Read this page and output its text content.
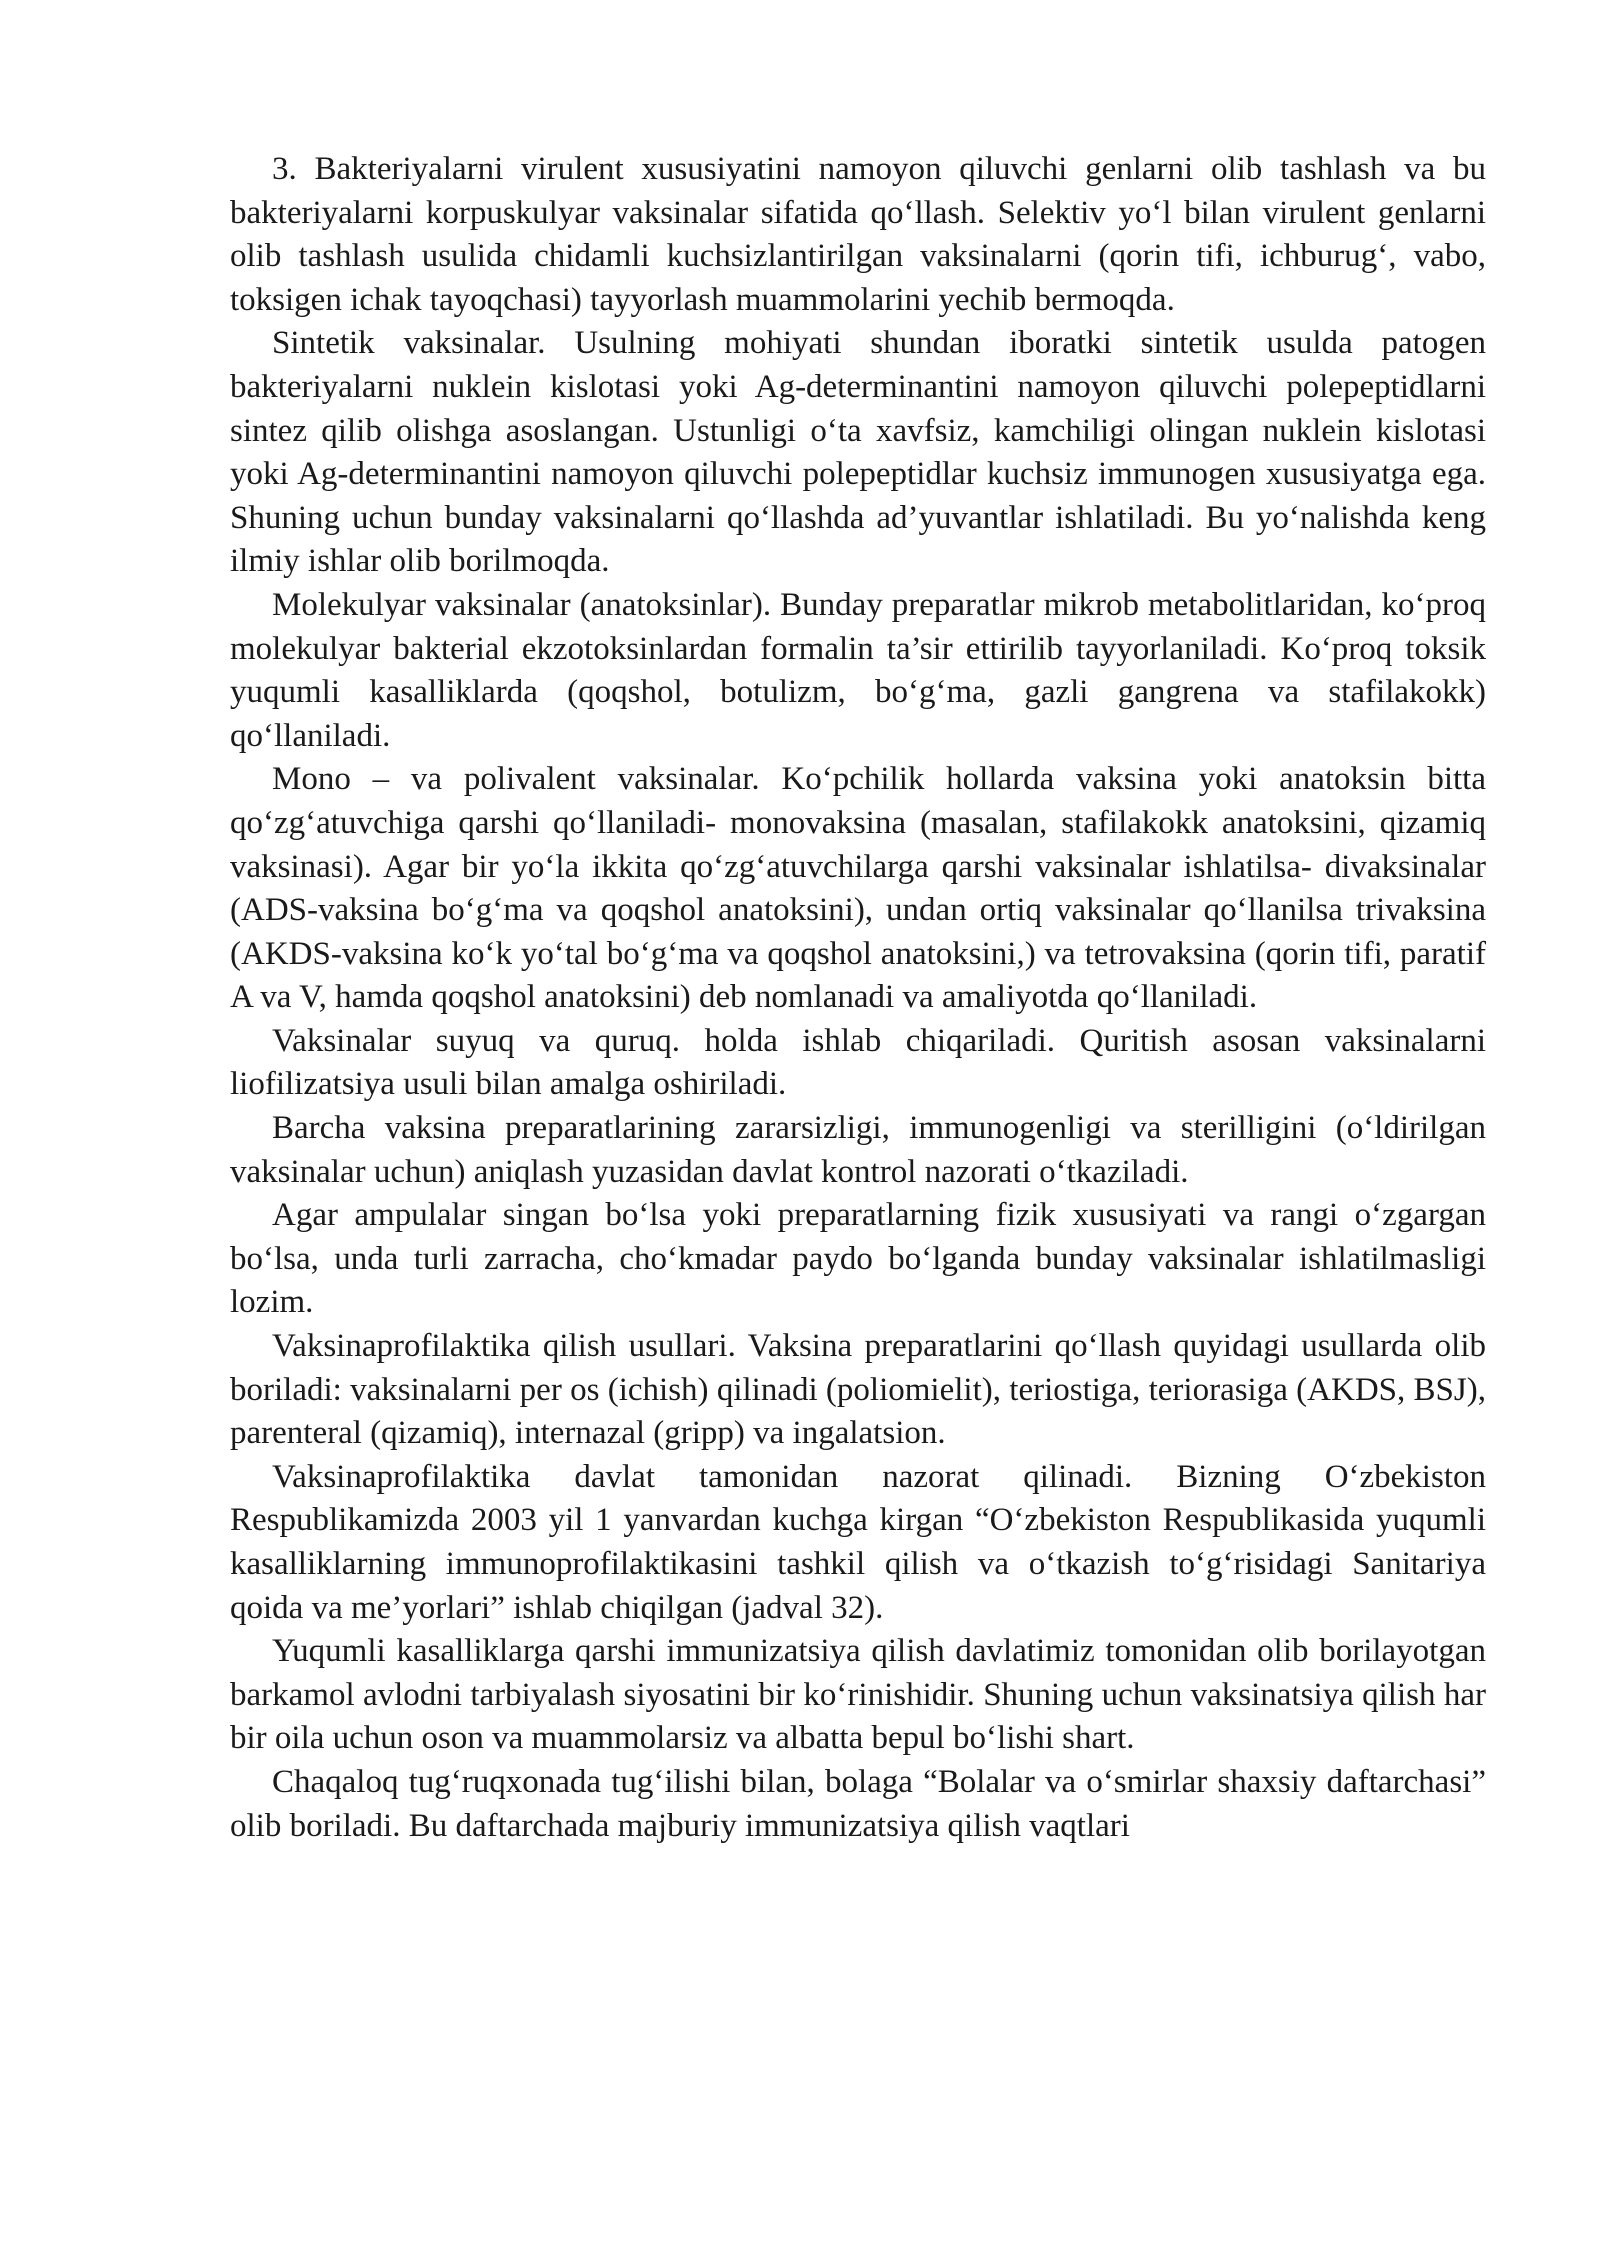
3. Bakteriyalarni virulent xususiyatini namoyon qiluvchi genlarni olib tashlash va bu bakteriyalarni korpuskulyar vaksinalar sifatida qo‘llash. Selektiv yo‘l bilan virulent genlarni olib tashlash usulida chidamli kuchsizlantirilgan vaksinalarni (qorin tifi, ichburug‘, vabo, toksigen ichak tayoqchasi) tayyorlash muammolarini yechib bermoqda.

Sintetik vaksinalar. Usulning mohiyati shundan iboratki sintetik usulda patogen bakteriyalarni nuklein kislotasi yoki Ag-determinantini namoyon qiluvchi polepeptidlarni sintez qilib olishga asoslangan. Ustunligi o‘ta xavfsiz, kamchiligi olingan nuklein kislotasi yoki Ag-determinantini namoyon qiluvchi polepeptidlar kuchsiz immunogen xususiyatga ega. Shuning uchun bunday vaksinalarni qo‘llashda ad’yuvantlar ishlatiladi. Bu yo‘nalishda keng ilmiy ishlar olib borilmoqda.

Molekulyar vaksinalar (anatoksinlar). Bunday preparatlar mikrob metabolitlaridan, ko‘proq molekulyar bakterial ekzotoksinlardan formalin ta’sir ettirilib tayyorlaniladi. Ko‘proq toksik yuqumli kasalliklarda (qoqshol, botulizm, bo‘g‘ma, gazli gangrena va stafilakokk) qo‘llaniladi.

Mono – va polivalent vaksinalar. Ko‘pchilik hollarda vaksina yoki anatoksin bitta qo‘zg‘atuvchiga qarshi qo‘llaniladi- monovaksina (masalan, stafilakokk anatoksini, qizamiq vaksinasi). Agar bir yo‘la ikkita qo‘zg‘atuvchilarga qarshi vaksinalar ishlatilsa- divaksinalar (ADS-vaksina bo‘g‘ma va qoqshol anatoksini), undan ortiq vaksinalar qo‘llanilsa trivaksina (AKDS-vaksina ko‘k yo‘tal bo‘g‘ma va qoqshol anatoksini,) va tetrovaksina (qorin tifi, paratif A va V, hamda qoqshol anatoksini) deb nomlanadi va amaliyotda qo‘llaniladi.

Vaksinalar suyuq va quruq. holda ishlab chiqariladi. Quritish asosan vaksinalarni liofilizatsiya usuli bilan amalga oshiriladi.

Barcha vaksina preparatlarining zararsizligi, immunogenligi va sterilligini (o‘ldirilgan vaksinalar uchun) aniqlash yuzasidan davlat kontrol nazorati o‘tkaziladi.

Agar ampulalar singan bo‘lsa yoki preparatlarning fizik xususiyati va rangi o‘zgargan bo‘lsa, unda turli zarracha, cho‘kmadar paydo bo‘lganda bunday vaksinalar ishlatilmasligi lozim.

Vaksinaprofilaktika qilish usullari. Vaksina preparatlarini qo‘llash quyidagi usullarda olib boriladi: vaksinalarni per os (ichish) qilinadi (poliomielit), teriostiga, teriorasiga (AKDS, BSJ), parenteral (qizamiq), internazal (gripp) va ingalatsion.

Vaksinaprofilaktika davlat tamonidan nazorat qilinadi. Bizning O‘zbekiston Respublikamizda 2003 yil 1 yanvardan kuchga kirgan “O‘zbekiston Respublikasida yuqumli kasalliklarning immunoprofilaktikasini tashkil qilish va o‘tkazish to‘g‘risidagi Sanitariya qoida va me’yorlari” ishlab chiqilgan (jadval 32).

Yuqumli kasalliklarga qarshi immunizatsiya qilish davlatimiz tomonidan olib borilayotgan barkamol avlodni tarbiyalash siyosatini bir ko‘rinishidir. Shuning uchun vaksinatsiya qilish har bir oila uchun oson va muammolarsiz va albatta bepul bo‘lishi shart.

Chaqaloq tug‘ruqxonada tug‘ilishi bilan, bolaga “Bolalar va o‘smirlar shaxsiy daftarchasi” olib boriladi. Bu daftarchada majburiy immunizatsiya qilish vaqtlari
